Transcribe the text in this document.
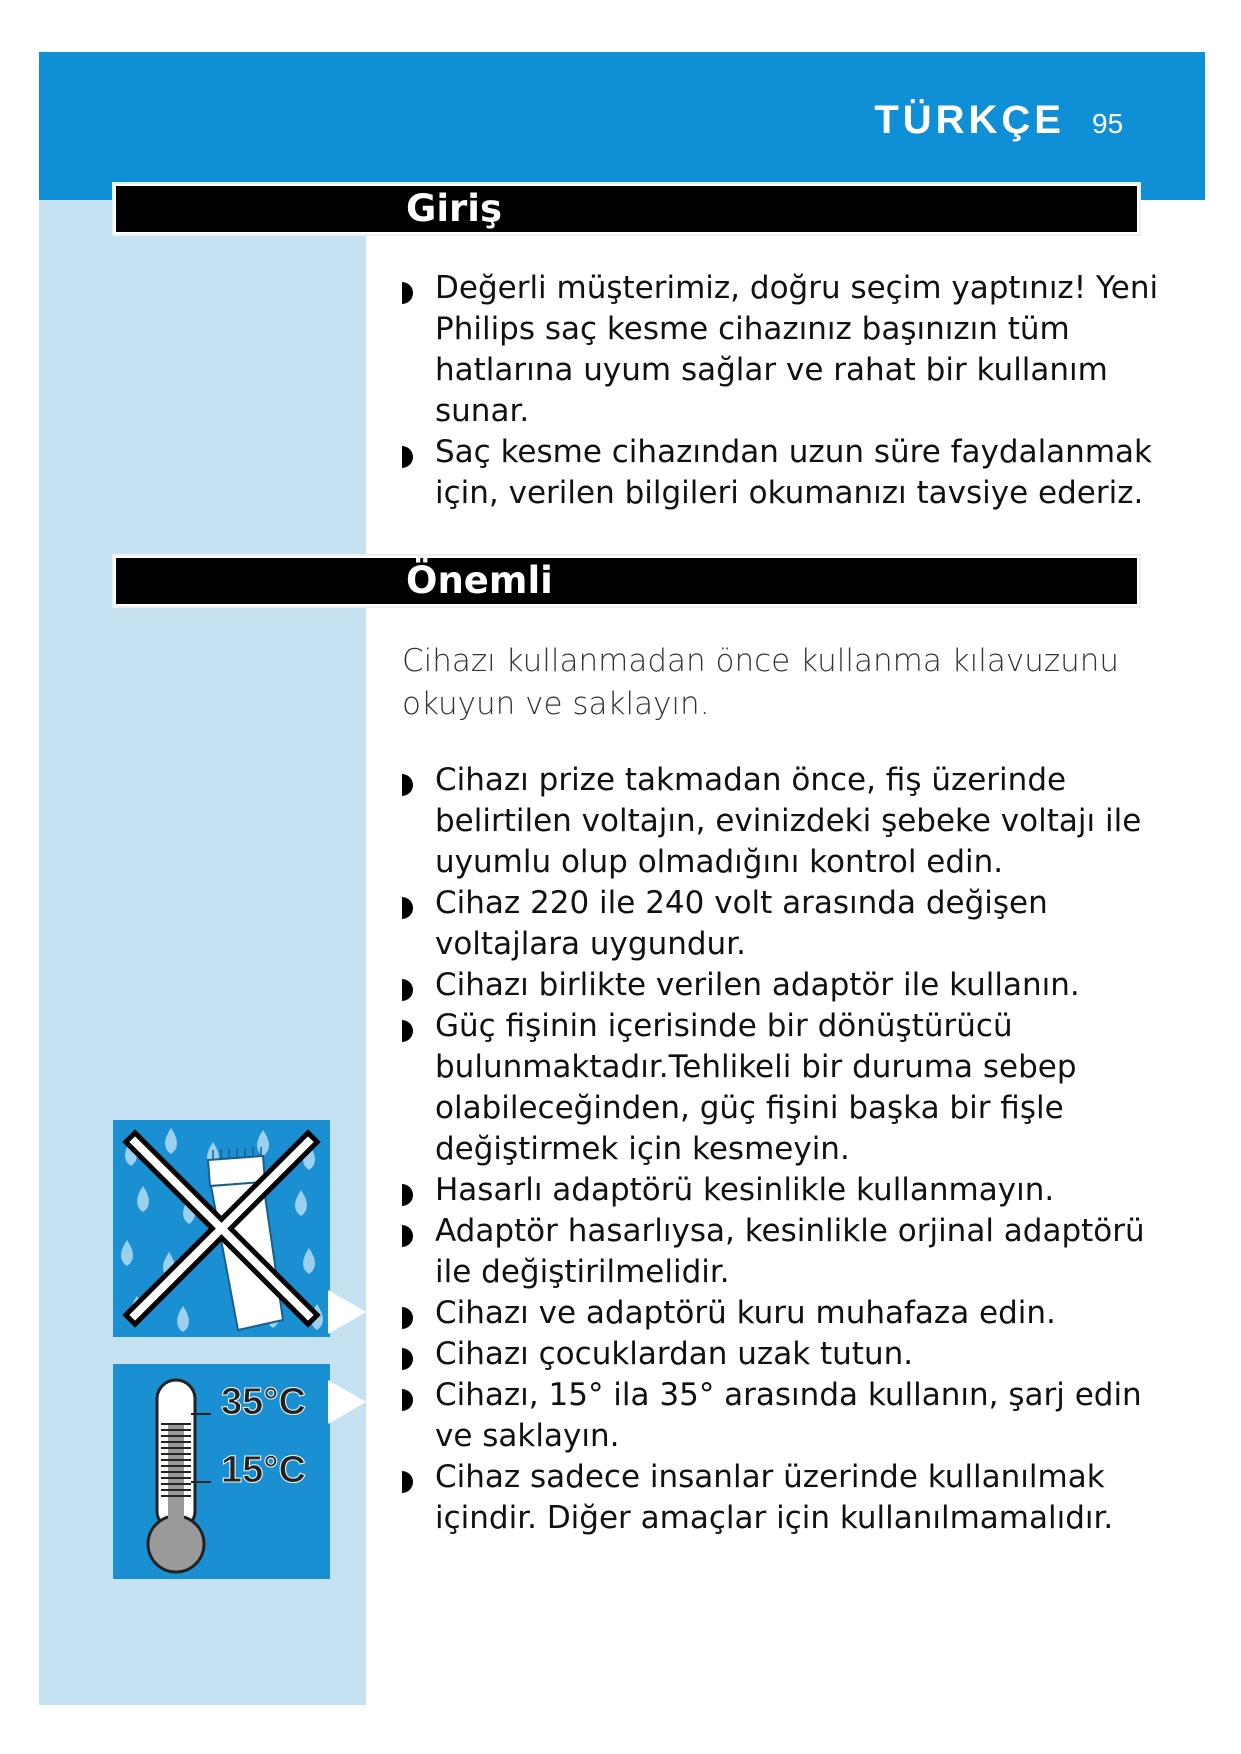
TÜRKÇE 95
Giriş
Değerli müşterimiz, doğru seçim yaptınız! Yeni Philips saç kesme cihazınız başınızın tüm hatlarına uyum sağlar ve rahat bir kullanım sunar.
Saç kesme cihazından uzun süre faydalanmak için, verilen bilgileri okumanızı tavsiye ederiz.
Önemli

Cihazı kullanmadan önce kullanma kılavuzunu okuyun ve saklayın.

Cihazı prize takmadan önce, fiş üzerinde belirtilen voltajın, evinizdeki şebeke voltajı ile uyumlu olup olmadığını kontrol edin.
Cihaz 220 ile 240 volt arasında değişen voltajlara uygundur.
Cihazı birlikte verilen adaptör ile kullanın.
Güç fişinin içerisinde bir dönüştürücü bulunmaktadır.Tehlikeli bir duruma sebep olabileceğinden, güç fişini başka bir fişle değiştirmek için kesmeyin.
Hasarlı adaptörü kesinlikle kullanmayın.
Adaptör hasarlıysa, kesinlikle orjinal adaptörü ile değiştirilmelidir.
Cihazı ve adaptörü kuru muhafaza edin.
Cihazı çocuklardan uzak tutun.
Cihazı, 15° ila 35° arasında kullanın, şarj edin ve saklayın.
Cihaz sadece insanlar üzerinde kullanılmak içindir. Diğer amaçlar için kullanılmamalıdır.
35°C
15°C
